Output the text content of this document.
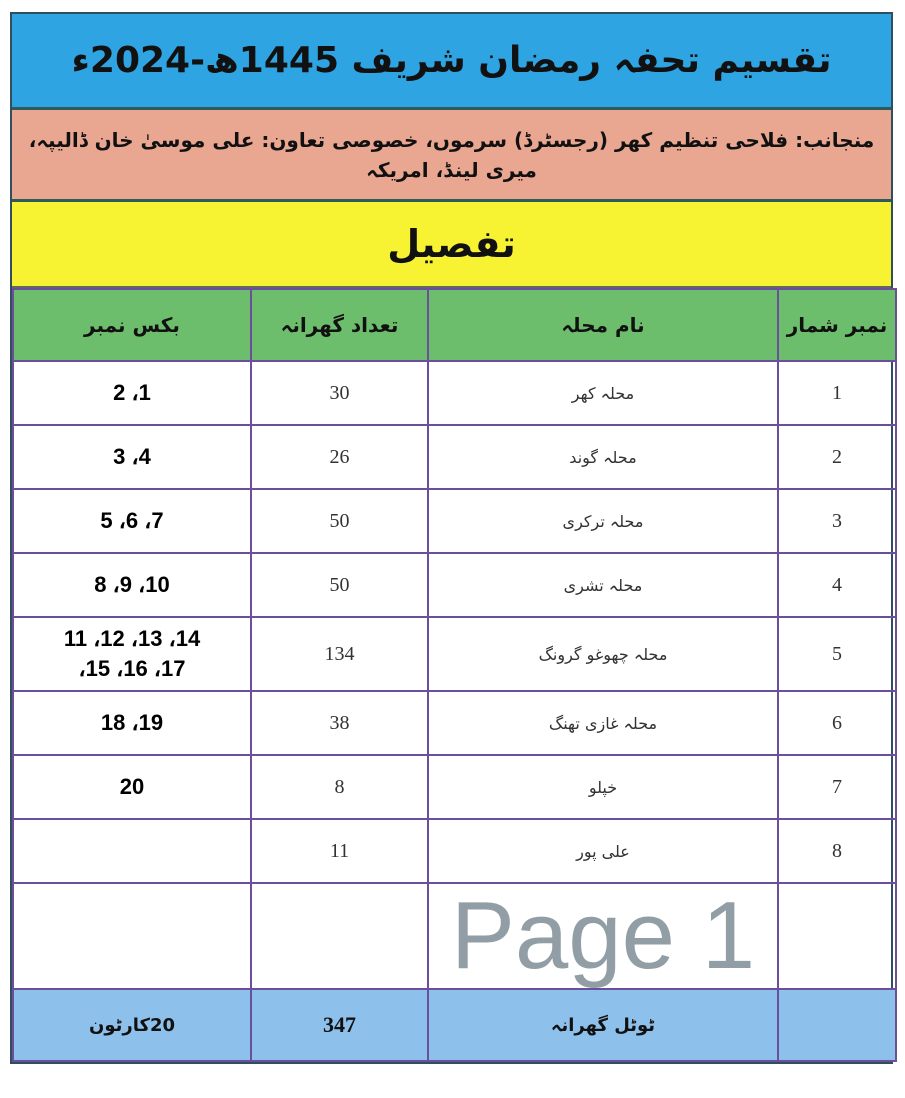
تقسیم تحفہ رمضان شریف 1445ھ-2024ء
منجانب: فلاحی تنظیم کھر (رجسٹرڈ) سرموں، خصوصی تعاون: علی موسیٰ خان ڈالیپہ، میری لینڈ، امریکہ
تفصیل
نمبر شمار	نام محلہ	تعداد گھرانہ	بکس نمبر
1	محلہ کھر	30	1، 2
2	محلہ گوند	26	4، 3
3	محلہ ترکری	50	7، 6، 5
4	محلہ تشری	50	10، 9، 8
5	محلہ چھوغو گرونگ	134	14، 13، 12، 11
17، 16، 15،

6	محلہ غازی تھنگ	38	19، 18
7	خپلو	8	20
8	علی پور	11	

	Page 1		

	ٹوٹل گھرانہ	347	20کارٹون
